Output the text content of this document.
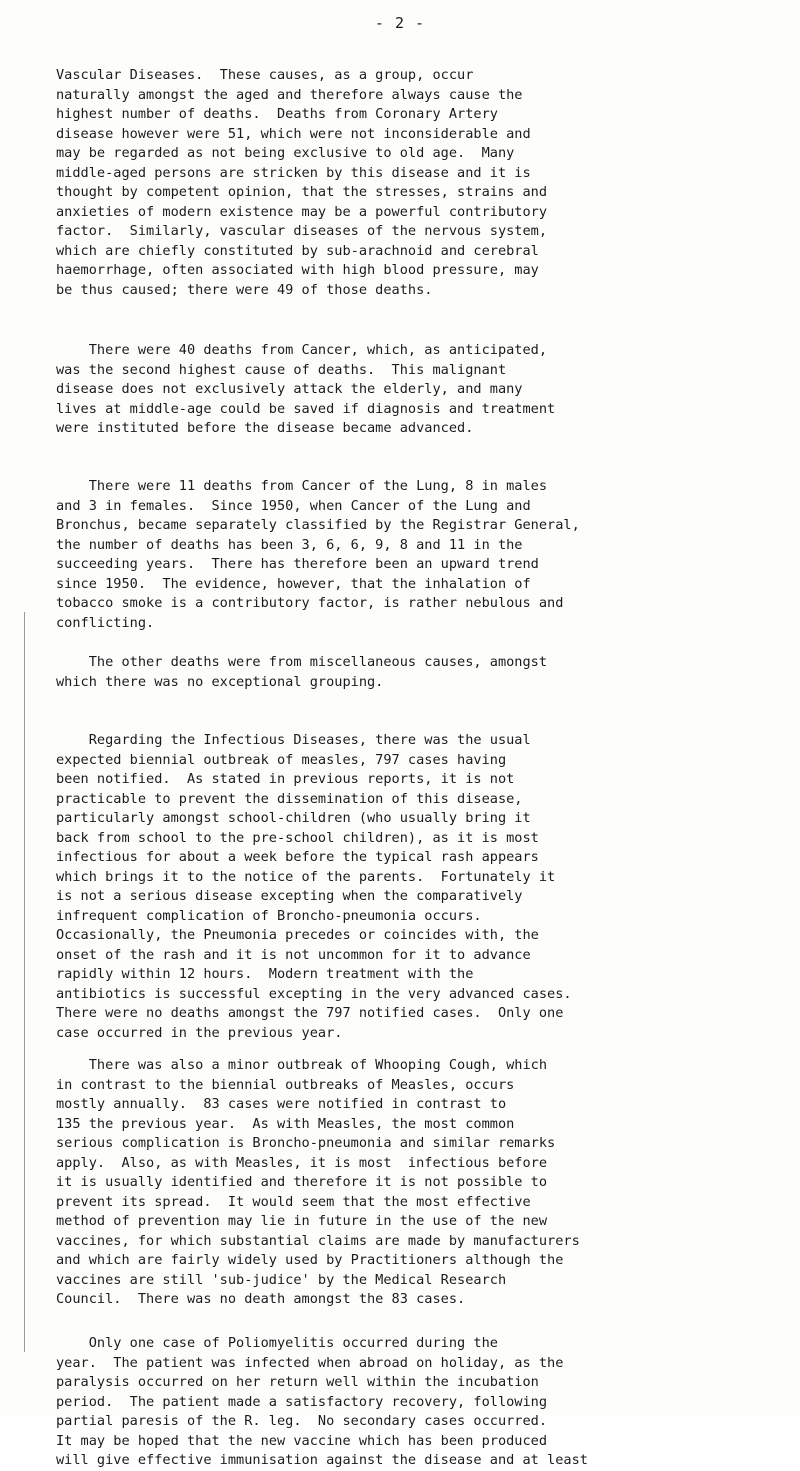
- 2 -
Vascular Diseases.  These causes, as a group, occur
naturally amongst the aged and therefore always cause the
highest number of deaths.  Deaths from Coronary Artery
disease however were 51, which were not inconsiderable and
may be regarded as not being exclusive to old age.  Many
middle-aged persons are stricken by this disease and it is
thought by competent opinion, that the stresses, strains and
anxieties of modern existence may be a powerful contributory
factor.  Similarly, vascular diseases of the nervous system,
which are chiefly constituted by sub-arachnoid and cerebral
haemorrhage, often associated with high blood pressure, may
be thus caused; there were 49 of those deaths.
There were 40 deaths from Cancer, which, as anticipated,
was the second highest cause of deaths.  This malignant
disease does not exclusively attack the elderly, and many
lives at middle-age could be saved if diagnosis and treatment
were instituted before the disease became advanced.
There were 11 deaths from Cancer of the Lung, 8 in males
and 3 in females.  Since 1950, when Cancer of the Lung and
Bronchus, became separately classified by the Registrar General,
the number of deaths has been 3, 6, 6, 9, 8 and 11 in the
succeeding years.  There has therefore been an upward trend
since 1950.  The evidence, however, that the inhalation of
tobacco smoke is a contributory factor, is rather nebulous and
conflicting.
The other deaths were from miscellaneous causes, amongst
which there was no exceptional grouping.
Regarding the Infectious Diseases, there was the usual
expected biennial outbreak of measles, 797 cases having
been notified.  As stated in previous reports, it is not
practicable to prevent the dissemination of this disease,
particularly amongst school-children (who usually bring it
back from school to the pre-school children), as it is most
infectious for about a week before the typical rash appears
which brings it to the notice of the parents.  Fortunately it
is not a serious disease excepting when the comparatively
infrequent complication of Broncho-pneumonia occurs.
Occasionally, the Pneumonia precedes or coincides with, the
onset of the rash and it is not uncommon for it to advance
rapidly within 12 hours.  Modern treatment with the
antibiotics is successful excepting in the very advanced cases.
There were no deaths amongst the 797 notified cases.  Only one
case occurred in the previous year.
There was also a minor outbreak of Whooping Cough, which
in contrast to the biennial outbreaks of Measles, occurs
mostly annually.  83 cases were notified in contrast to
135 the previous year.  As with Measles, the most common
serious complication is Broncho-pneumonia and similar remarks
apply.  Also, as with Measles, it is most  infectious before
it is usually identified and therefore it is not possible to
prevent its spread.  It would seem that the most effective
method of prevention may lie in future in the use of the new
vaccines, for which substantial claims are made by manufacturers
and which are fairly widely used by Practitioners although the
vaccines are still 'sub-judice' by the Medical Research
Council.  There was no death amongst the 83 cases.
Only one case of Poliomyelitis occurred during the
year.  The patient was infected when abroad on holiday, as the
paralysis occurred on her return well within the incubation
period.  The patient made a satisfactory recovery, following
partial paresis of the R. leg.  No secondary cases occurred.
It may be hoped that the new vaccine which has been produced
will give effective immunisation against the disease and at least
